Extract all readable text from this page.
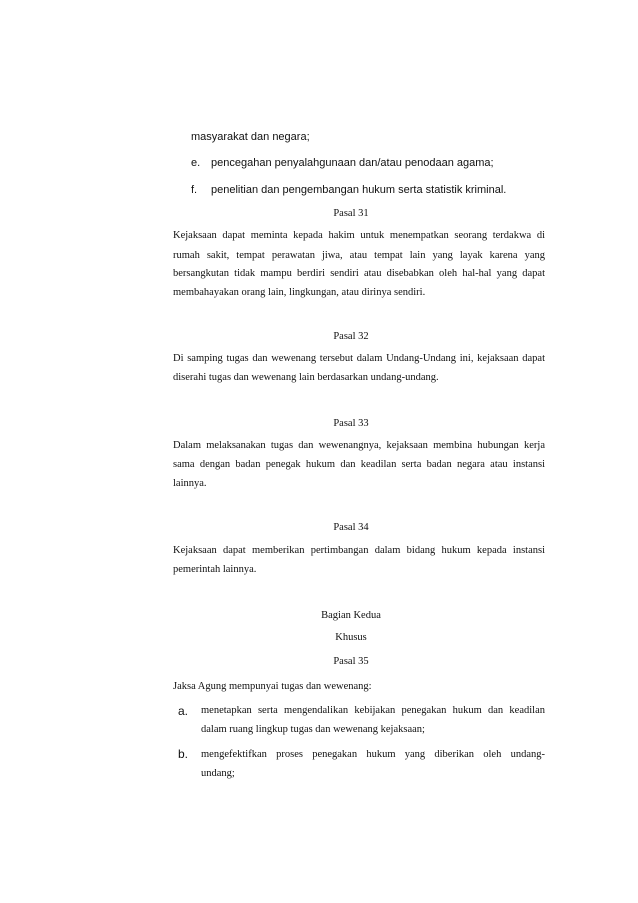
masyarakat dan negara;
e. pencegahan penyalahgunaan dan/atau penodaan agama;
f. penelitian dan pengembangan hukum serta statistik kriminal.
Pasal 31
Kejaksaan dapat meminta kepada hakim untuk menempatkan seorang terdakwa di
rumah sakit, tempat perawatan jiwa, atau tempat lain yang layak karena yang
bersangkutan tidak mampu berdiri sendiri atau disebabkan oleh hal-hal yang dapat
membahayakan orang lain, lingkungan, atau dirinya sendiri.
Pasal 32
Di samping tugas dan wewenang tersebut dalam Undang-Undang ini, kejaksaan dapat
diserahi tugas dan wewenang lain berdasarkan undang-undang.
Pasal 33
Dalam melaksanakan tugas dan wewenangnya, kejaksaan membina hubungan kerja
sama dengan badan penegak hukum dan keadilan serta badan negara atau instansi
lainnya.
Pasal 34
Kejaksaan dapat memberikan pertimbangan dalam bidang hukum kepada instansi
pemerintah lainnya.
Bagian Kedua
Khusus
Pasal 35
Jaksa Agung mempunyai tugas dan wewenang:
a. menetapkan serta mengendalikan kebijakan penegakan hukum dan keadilan
dalam ruang lingkup tugas dan wewenang kejaksaan;
b. mengefektifkan proses penegakan hukum yang diberikan oleh undang-
undang;
